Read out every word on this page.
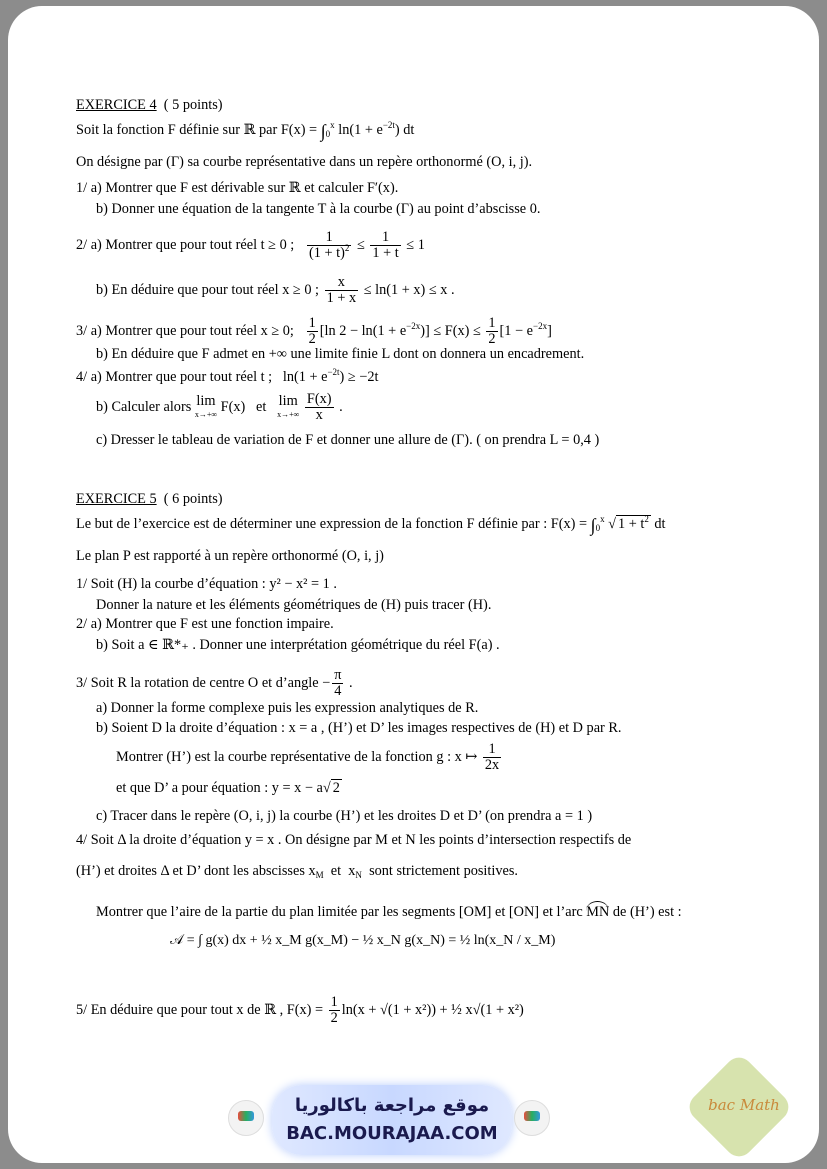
EXERCICE 4 ( 5 points)
Soit la fonction F définie sur ℝ par $F(x) = \int_0^x$ $\ln(1 + e^{-2t})$ dt
On désigne par (Γ) sa courbe représentative dans un repère orthonormé (O, i, j).
1/ a) Montrer que F est dérivable sur ℝ et calculer F′(x).
b) Donner une équation de la tangente T à la courbe (Γ) au point d’abscisse 0.
2/ a) Montrer que pour tout réel t ≥ 0 ; $\frac{1}{(1 + t)^2} \le \frac{1}{1 + t} \le 1$
b) En déduire que pour tout réel x ≥ 0 ; $\frac{x}{1 + x} \le \ln(1 + x) \le x$ .
3/ a) Montrer que pour tout réel x ≥ 0; $\frac{1}{2} [\ln$ $2 - \ln(1 + e^{-2x})] \le F(x) \le \frac{1}{2} [1 - e^{-2x}]$
b) En déduire que F admet en +∞ une limite finie L dont on donnera un encadrement.
4/ a) Montrer que pour tout réel t ; $\ln(1 + e^{-2t}) \ge -2t$
b) Calculer alors lim
x→+∞ F(x) et lim
x→+∞
$\frac{F(x)}{x}$ .
c) Dresser le tableau de variation de F et donner une allure de (Γ). ( on prendra L = 0,4 )
EXERCICE 5 ( 6 points)
Le but de l’exercice est de déterminer une expression de la fonction F définie par : $F(x) = \int_0^x$ √ $1 + t^2$ dt
Le plan P est rapporté à un repère orthonormé (O, i, j)
1/ Soit (H) la courbe d’équation : y² − x² = 1 .
Donner la nature et les éléments géométriques de (H) puis tracer (H).
2/ a) Montrer que F est une fonction impaire.
b) Soit a ∈ ℝ*₊ . Donner une interprétation géométrique du réel F(a) .
3/ Soit R la rotation de centre O et d’angle − $\frac{\pi}{4}$ .
a) Donner la forme complexe puis les expression analytiques de R.
b) Soient D la droite d’équation : x = a , (H’) et D’ les images respectives de (H) et D par R.
Montrer (H’) est la courbe représentative de la fonction g : x ↦ $\frac{1}{2x}$
et que D’ a pour équation : y = x − a√ 2
c) Tracer dans le repère (O, i, j) la courbe (H’) et les droites D et D’ (on prendra a = 1 )
4/ Soit Δ la droite d’équation y = x . On désigne par M et N les points d’intersection respectifs de
(H’) et droites Δ et D’ dont les abscisses $x_M$  et  $x_N$ sont strictement positives.
Montrer que l’aire de la partie du plan limitée par les segments [OM] et [ON] et l’arc MN de (H’) est :
𝒜 = ∫ g(x) dx + ½ x_M g(x_M) − ½ x_N g(x_N) = ½ ln(x_N / x_M)
5/ En déduire que pour tout x de ℝ , $F(x) = \frac{1}{2} \ln(x + √(1 + x^2))$ + ½ x√(1 + x²)
موقع مراجعة باكالوريا
BAC.MOURAJAA.COM
bac Math
